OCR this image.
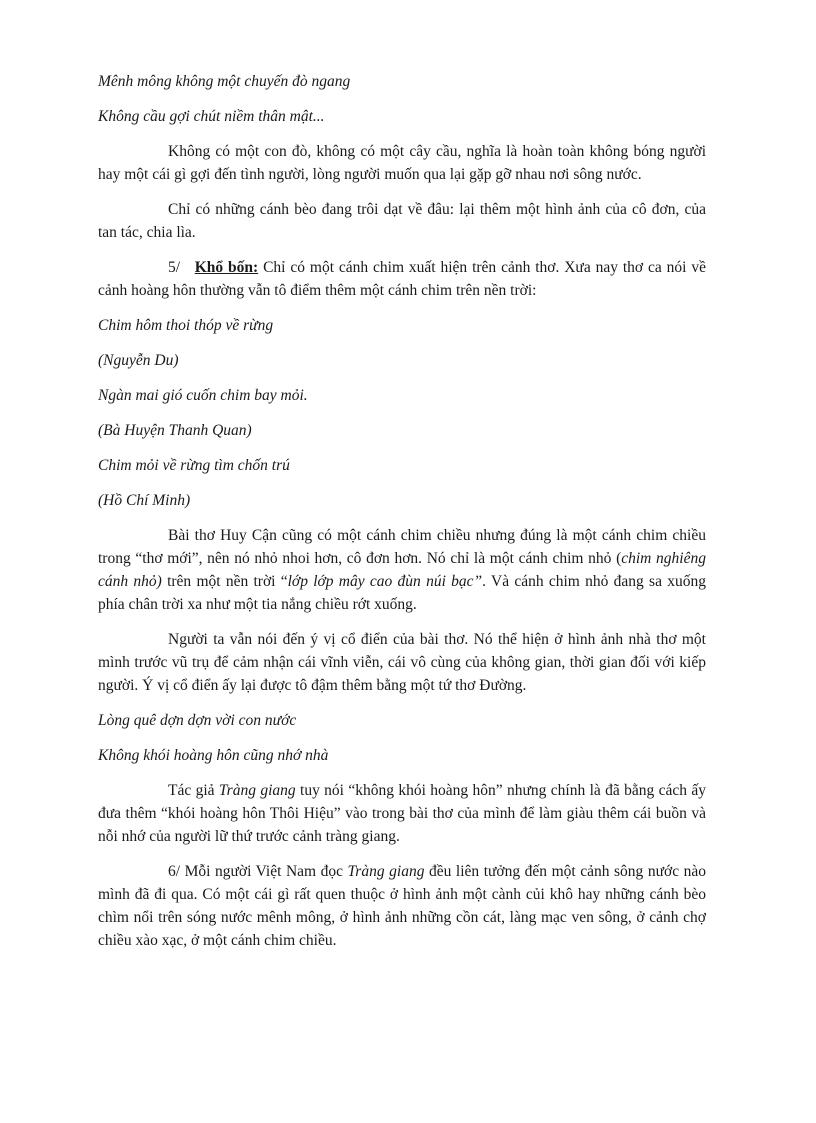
Mênh mông không một chuyến đò ngang

Không cầu gợi chút niềm thân mật...

Không có một con đò, không có một cây cầu, nghĩa là hoàn toàn không bóng người hay một cái gì gợi đến tình người, lòng người muốn qua lại gặp gỡ nhau nơi sông nước.

Chỉ có những cánh bèo đang trôi dạt về đâu: lại thêm một hình ảnh của cô đơn, của tan tác, chia lìa.

5/ Khổ bốn: Chỉ có một cánh chim xuất hiện trên cảnh thơ. Xưa nay thơ ca nói về cảnh hoàng hôn thường vẫn tô điểm thêm một cánh chim trên nền trời:

Chim hôm thoi thóp về rừng

(Nguyễn Du)

Ngàn mai gió cuốn chim bay mỏi.

(Bà Huyện Thanh Quan)

Chim mỏi về rừng tìm chốn trú

(Hồ Chí Minh)

Bài thơ Huy Cận cũng có một cánh chim chiều nhưng đúng là một cánh chim chiều trong “thơ mới”, nên nó nhỏ nhoi hơn, cô đơn hơn. Nó chỉ là một cánh chim nhỏ (chim nghiêng cánh nhỏ) trên một nền trời “lớp lớp mây cao đùn núi bạc”. Và cánh chim nhỏ đang sa xuống phía chân trời xa như một tia nắng chiều rớt xuống.

Người ta vẫn nói đến ý vị cổ điển của bài thơ. Nó thể hiện ở hình ảnh nhà thơ một mình trước vũ trụ để cảm nhận cái vĩnh viễn, cái vô cùng của không gian, thời gian đối với kiếp người. Ý vị cổ điển ấy lại được tô đậm thêm bằng một tứ thơ Đường.

Lòng quê dợn dợn vời con nước

Không khói hoàng hôn cũng nhớ nhà

Tác giả Tràng giang tuy nói “không khói hoàng hôn” nhưng chính là đã bằng cách ấy đưa thêm “khói hoàng hôn Thôi Hiệu” vào trong bài thơ của mình để làm giàu thêm cái buồn và nỗi nhớ của người lữ thứ trước cảnh tràng giang.

6/ Mỗi người Việt Nam đọc Tràng giang đều liên tưởng đến một cảnh sông nước nào mình đã đi qua. Có một cái gì rất quen thuộc ở hình ảnh một cành củi khô hay những cánh bèo chìm nổi trên sóng nước mênh mông, ở hình ảnh những cồn cát, làng mạc ven sông, ở cảnh chợ chiều xào xạc, ở một cánh chim chiều.
